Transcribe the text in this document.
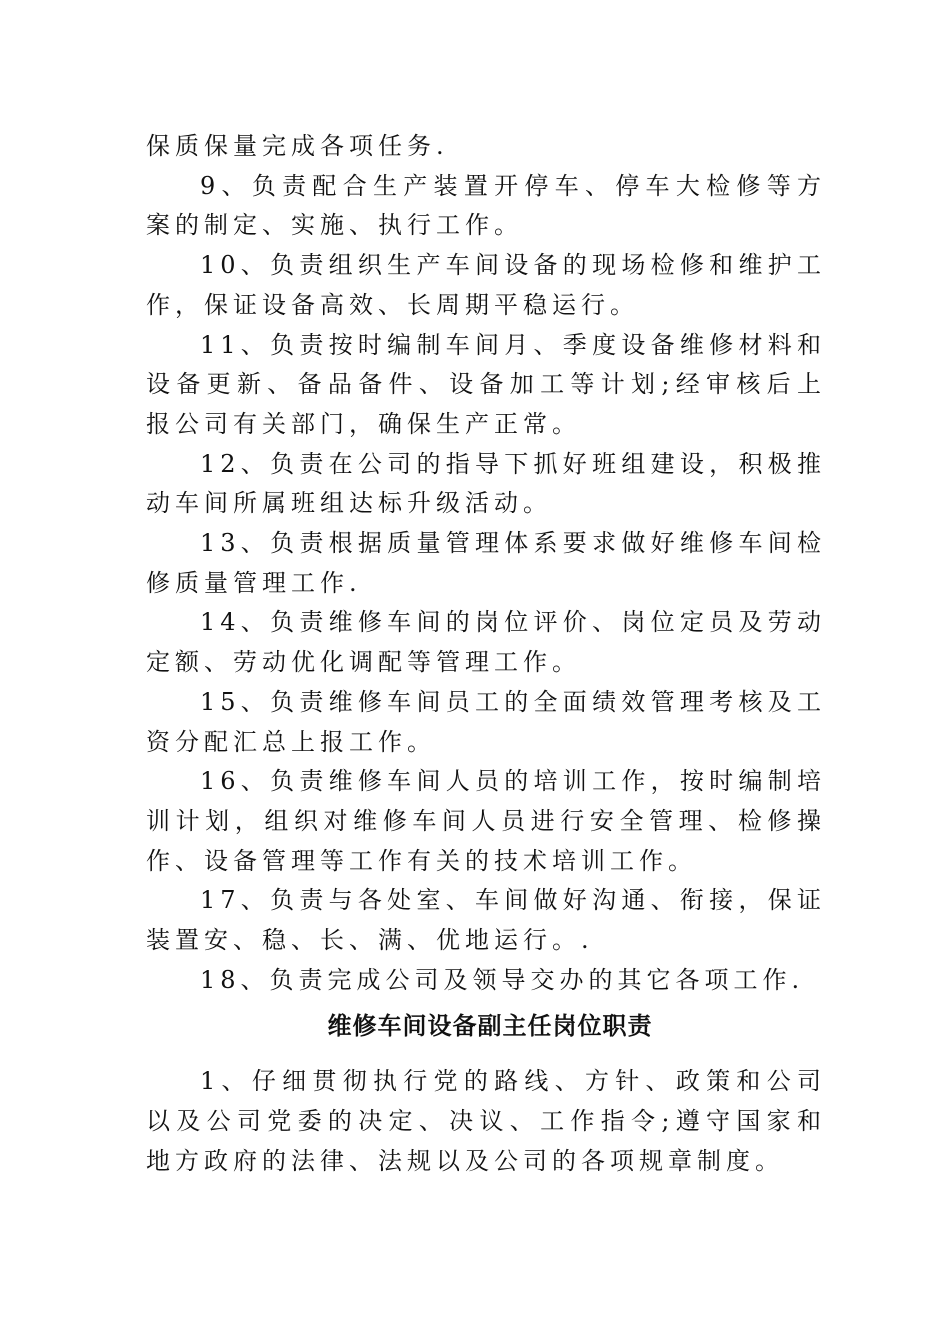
保质保量完成各项任务.

9、负责配合生产装置开停车、停车大检修等方案的制定、实施、执行工作。

10、负责组织生产车间设备的现场检修和维护工作，保证设备高效、长周期平稳运行。

11、负责按时编制车间月、季度设备维修材料和设备更新、备品备件、设备加工等计划;经审核后上报公司有关部门，确保生产正常。

12、负责在公司的指导下抓好班组建设，积极推动车间所属班组达标升级活动。

13、负责根据质量管理体系要求做好维修车间检修质量管理工作.

14、负责维修车间的岗位评价、岗位定员及劳动定额、劳动优化调配等管理工作。

15、负责维修车间员工的全面绩效管理考核及工资分配汇总上报工作。

16、负责维修车间人员的培训工作，按时编制培训计划，组织对维修车间人员进行安全管理、检修操作、设备管理等工作有关的技术培训工作。

17、负责与各处室、车间做好沟通、衔接，保证装置安、稳、长、满、优地运行。.

18、负责完成公司及领导交办的其它各项工作.

维修车间设备副主任岗位职责

1、仔细贯彻执行党的路线、方针、政策和公司以及公司党委的决定、决议、工作指令;遵守国家和地方政府的法律、法规以及公司的各项规章制度。
